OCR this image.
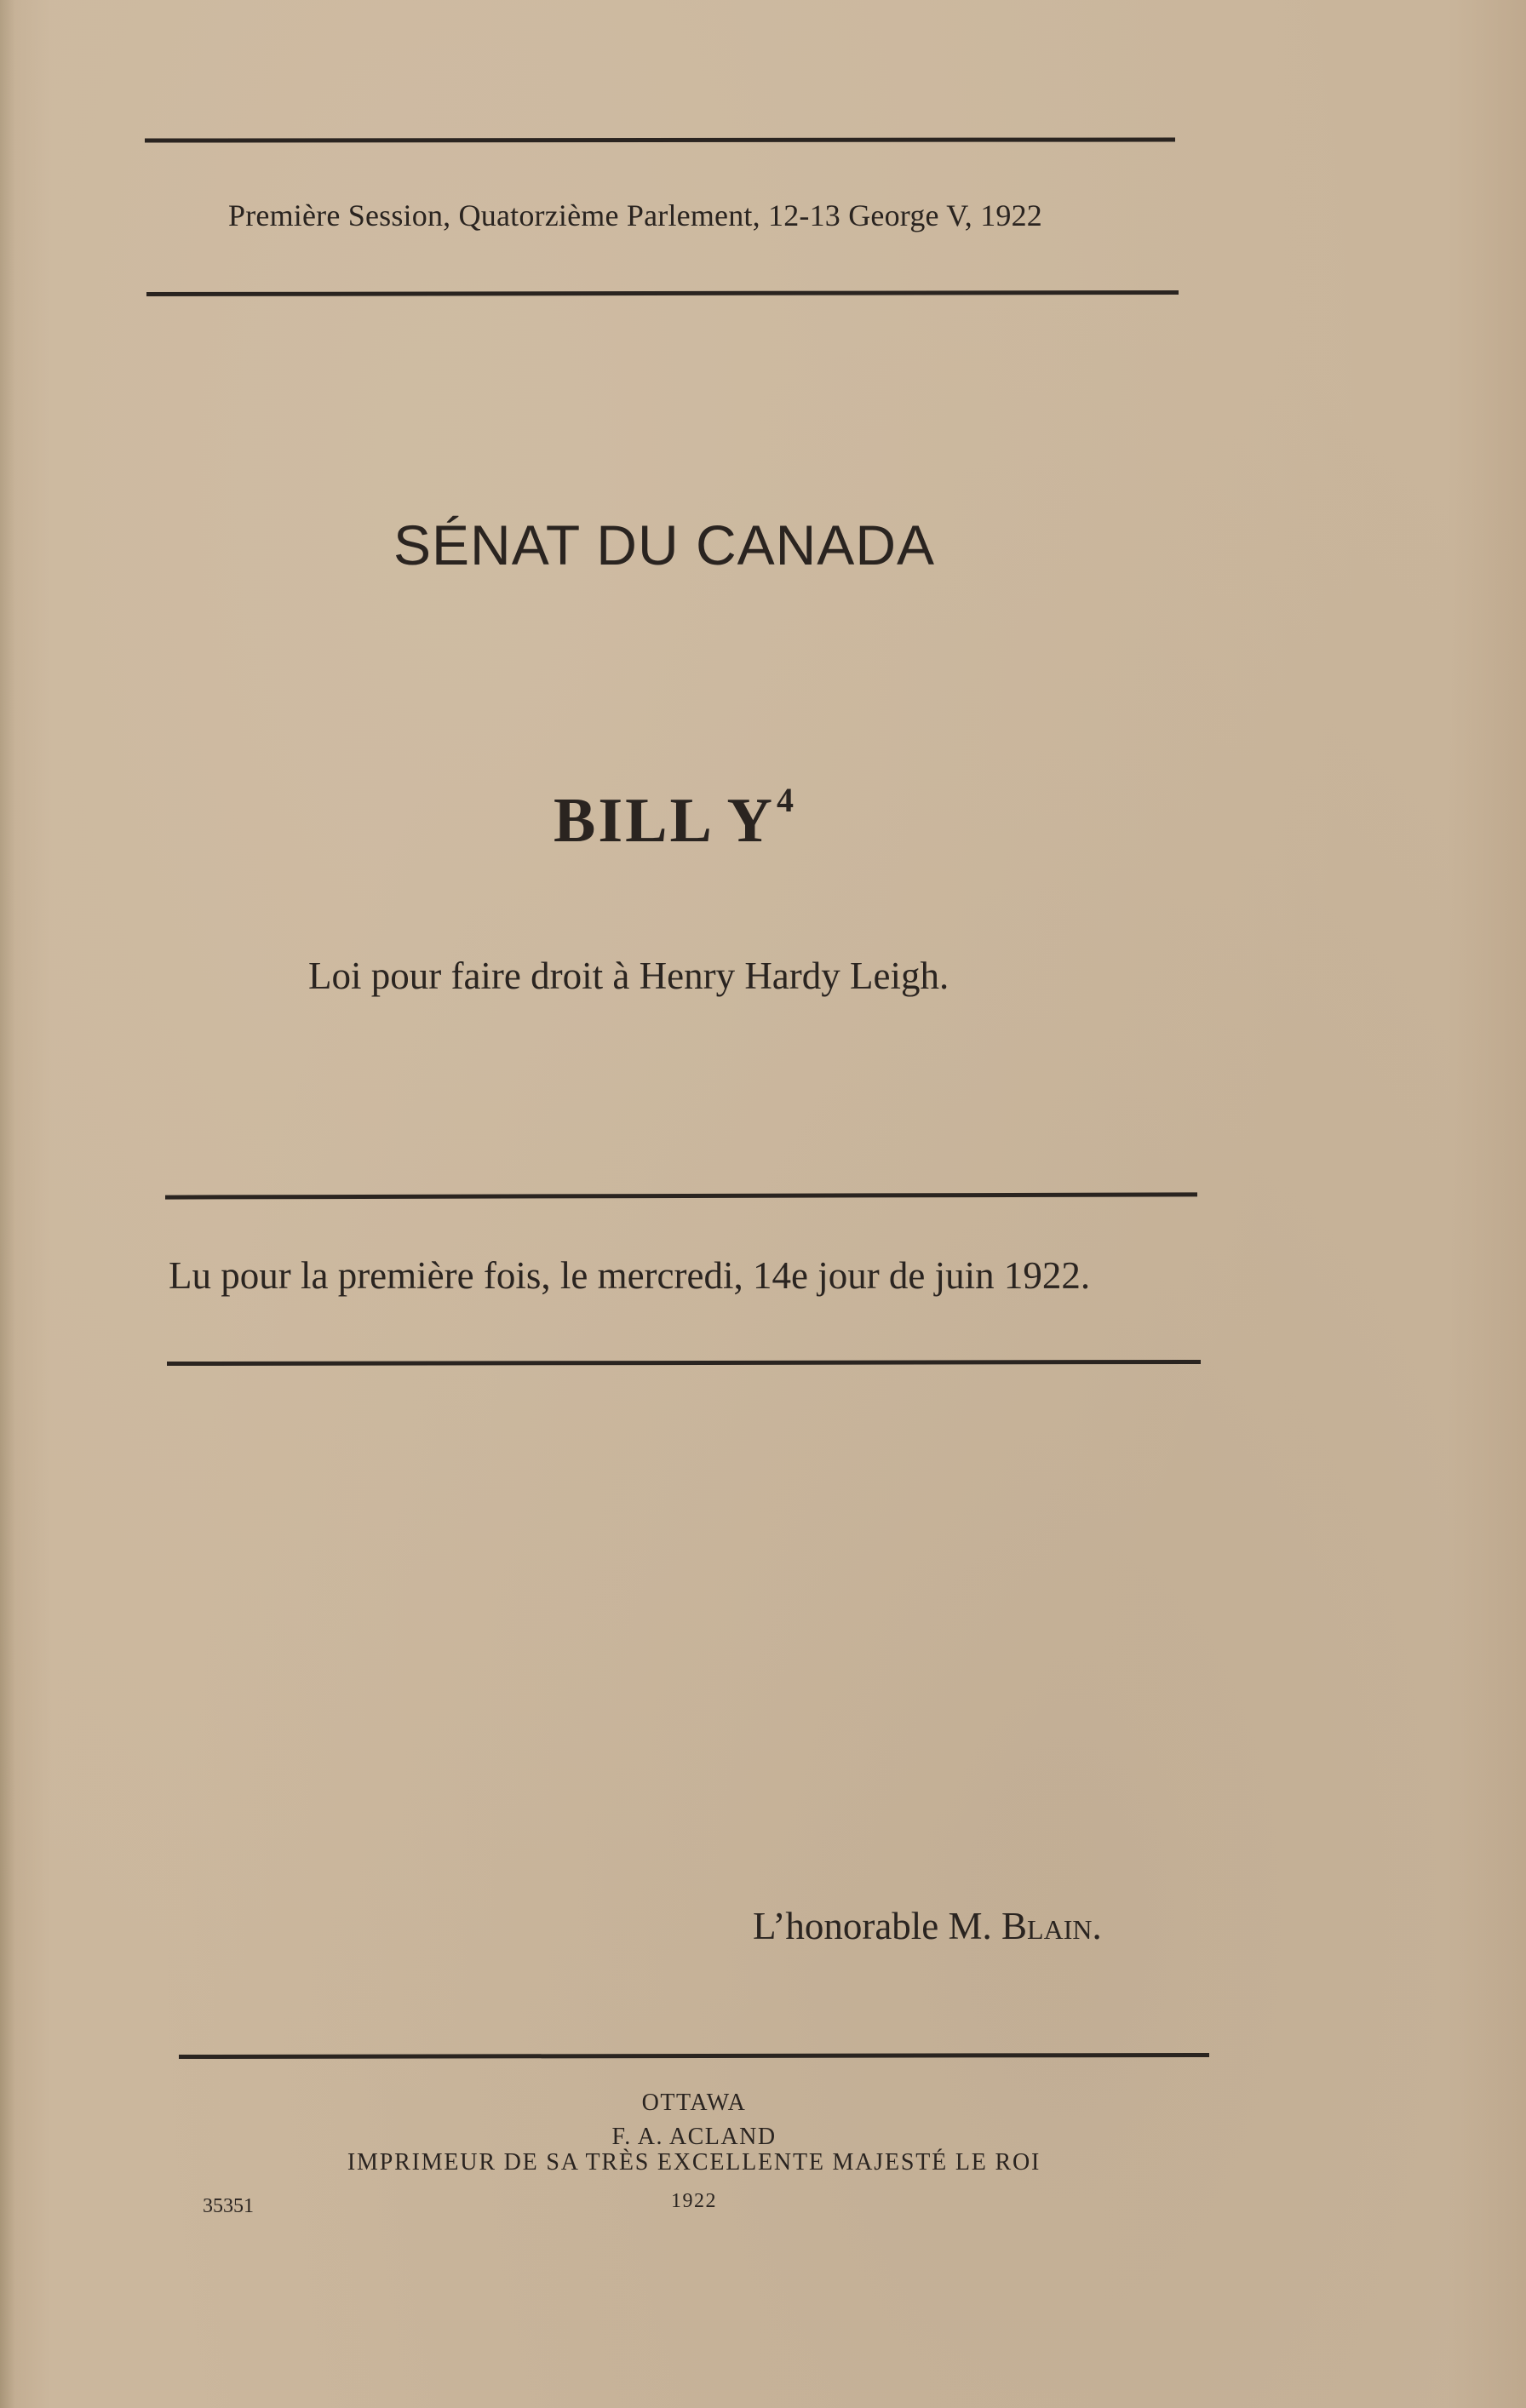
Première Session, Quatorzième Parlement, 12-13 George V, 1922
SÉNAT DU CANADA
BILL $Y^4$
Loi pour faire droit à Henry Hardy Leigh.
Lu pour la première fois, le mercredi, 14e jour de juin 1922.
L’honorable M. Blain.
OTTAWA
F. A. ACLAND
IMPRIMEUR DE SA TRÈS EXCELLENTE MAJESTÉ LE ROI
1922
35351
